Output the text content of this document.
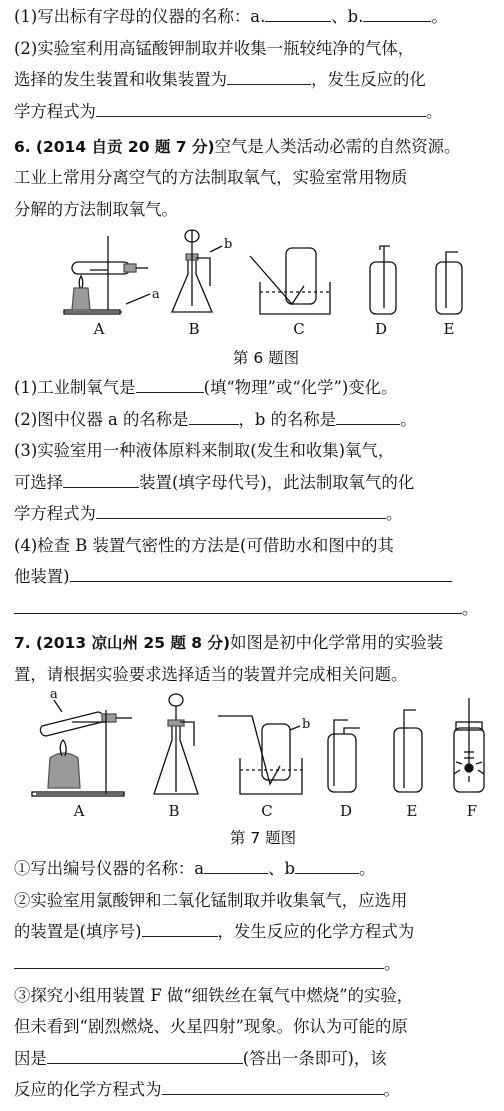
(1)写出标有字母的仪器的名称：a.	、b.	。
(2)实验室利用高锰酸钾制取并收集一瓶较纯净的气体，
选择的发生装置和收集装置为	，发生反应的化
学方程式为	。
6. (2014 自贡 20 题 7 分)空气是人类活动必需的自然资源。
工业上常用分离空气的方法制取氧气，实验室常用物质
分解的方法制取氧气。
a
b
A	B	C	D	E
第 6 题图
(1)工业制氧气是	(填“物理”或“化学”)变化。
(2)图中仪器 a 的名称是	，b 的名称是	。
(3)实验室用一种液体原料来制取(发生和收集)氧气，
可选择	装置(填字母代号)，此法制取氧气的化
学方程式为	。
(4)检查 B 装置气密性的方法是(可借助水和图中的其
他装置)
。
7. (2013 凉山州 25 题 8 分)如图是初中化学常用的实验装
置，请根据实验要求选择适当的装置并完成相关问题。
a
b
A	B	C	D	E	F
第 7 题图
①写出编号仪器的名称：a	、b	。
②实验室用氯酸钾和二氧化锰制取并收集氧气，应选用
的装置是(填序号)	，发生反应的化学方程式为
。
③探究小组用装置 F 做“细铁丝在氧气中燃烧”的实验，
但未看到“剧烈燃烧、火星四射”现象。你认为可能的原
因是	(答出一条即可)，该
反应的化学方程式为	。
